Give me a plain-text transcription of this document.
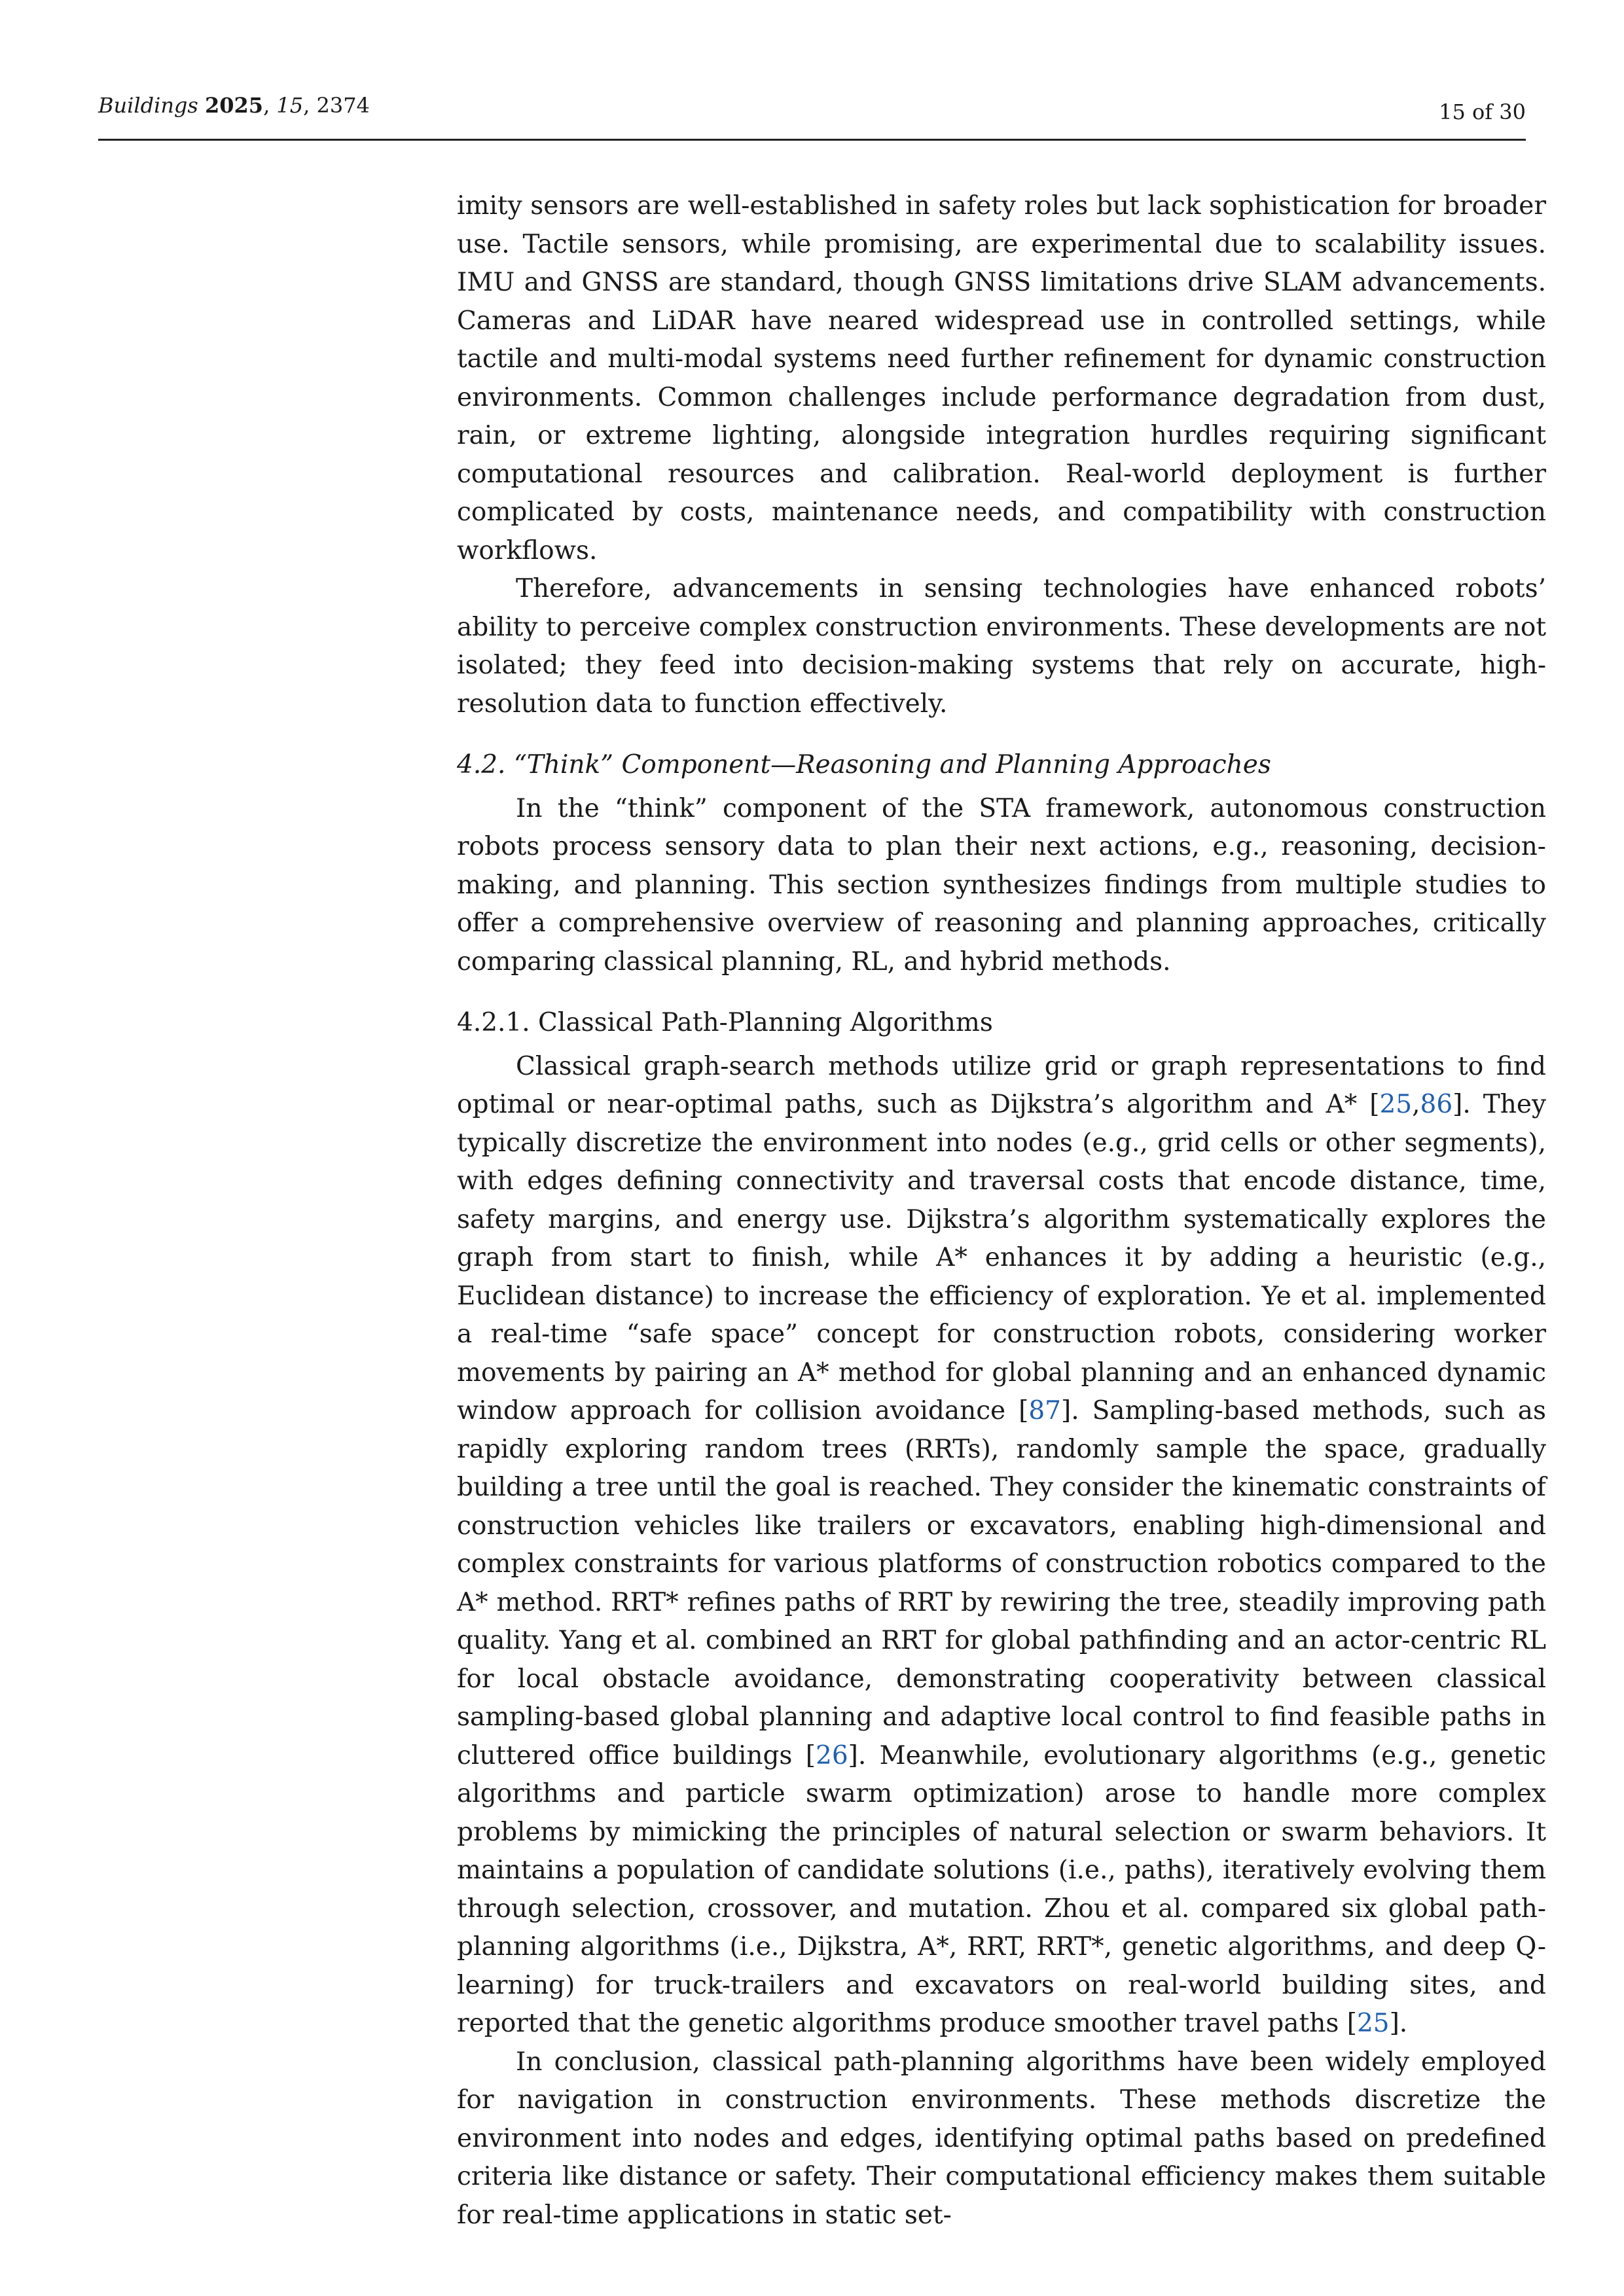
Buildings 2025, 15, 2374	15 of 30

imity sensors are well-established in safety roles but lack sophistication for broader use. Tactile sensors, while promising, are experimental due to scalability issues. IMU and GNSS are standard, though GNSS limitations drive SLAM advancements. Cameras and LiDAR have neared widespread use in controlled settings, while tactile and multi-modal systems need further refinement for dynamic construction environments. Common challenges include performance degradation from dust, rain, or extreme lighting, alongside integration hurdles requiring significant computational resources and calibration. Real-world deployment is further complicated by costs, maintenance needs, and compatibility with construction workflows.

Therefore, advancements in sensing technologies have enhanced robots’ ability to perceive complex construction environments. These developments are not isolated; they feed into decision-making systems that rely on accurate, high-resolution data to function effectively.

4.2. “Think” Component—Reasoning and Planning Approaches

In the “think” component of the STA framework, autonomous construction robots process sensory data to plan their next actions, e.g., reasoning, decision-making, and planning. This section synthesizes findings from multiple studies to offer a comprehensive overview of reasoning and planning approaches, critically comparing classical planning, RL, and hybrid methods.

4.2.1. Classical Path-Planning Algorithms

Classical graph-search methods utilize grid or graph representations to find optimal or near-optimal paths, such as Dijkstra’s algorithm and A* [25,86]. They typically discretize the environment into nodes (e.g., grid cells or other segments), with edges defining connectivity and traversal costs that encode distance, time, safety margins, and energy use. Dijkstra’s algorithm systematically explores the graph from start to finish, while A* enhances it by adding a heuristic (e.g., Euclidean distance) to increase the efficiency of exploration. Ye et al. implemented a real-time “safe space” concept for construction robots, considering worker movements by pairing an A* method for global planning and an enhanced dynamic window approach for collision avoidance [87]. Sampling-based methods, such as rapidly exploring random trees (RRTs), randomly sample the space, gradually building a tree until the goal is reached. They consider the kinematic constraints of construction vehicles like trailers or excavators, enabling high-dimensional and complex constraints for various platforms of construction robotics compared to the A* method. RRT* refines paths of RRT by rewiring the tree, steadily improving path quality. Yang et al. combined an RRT for global pathfinding and an actor-centric RL for local obstacle avoidance, demonstrating cooperativity between classical sampling-based global planning and adaptive local control to find feasible paths in cluttered office buildings [26]. Meanwhile, evolutionary algorithms (e.g., genetic algorithms and particle swarm optimization) arose to handle more complex problems by mimicking the principles of natural selection or swarm behaviors. It maintains a population of candidate solutions (i.e., paths), iteratively evolving them through selection, crossover, and mutation. Zhou et al. compared six global path-planning algorithms (i.e., Dijkstra, A*, RRT, RRT*, genetic algorithms, and deep Q-learning) for truck-trailers and excavators on real-world building sites, and reported that the genetic algorithms produce smoother travel paths [25].

In conclusion, classical path-planning algorithms have been widely employed for navigation in construction environments. These methods discretize the environment into nodes and edges, identifying optimal paths based on predefined criteria like distance or safety. Their computational efficiency makes them suitable for real-time applications in static set-
